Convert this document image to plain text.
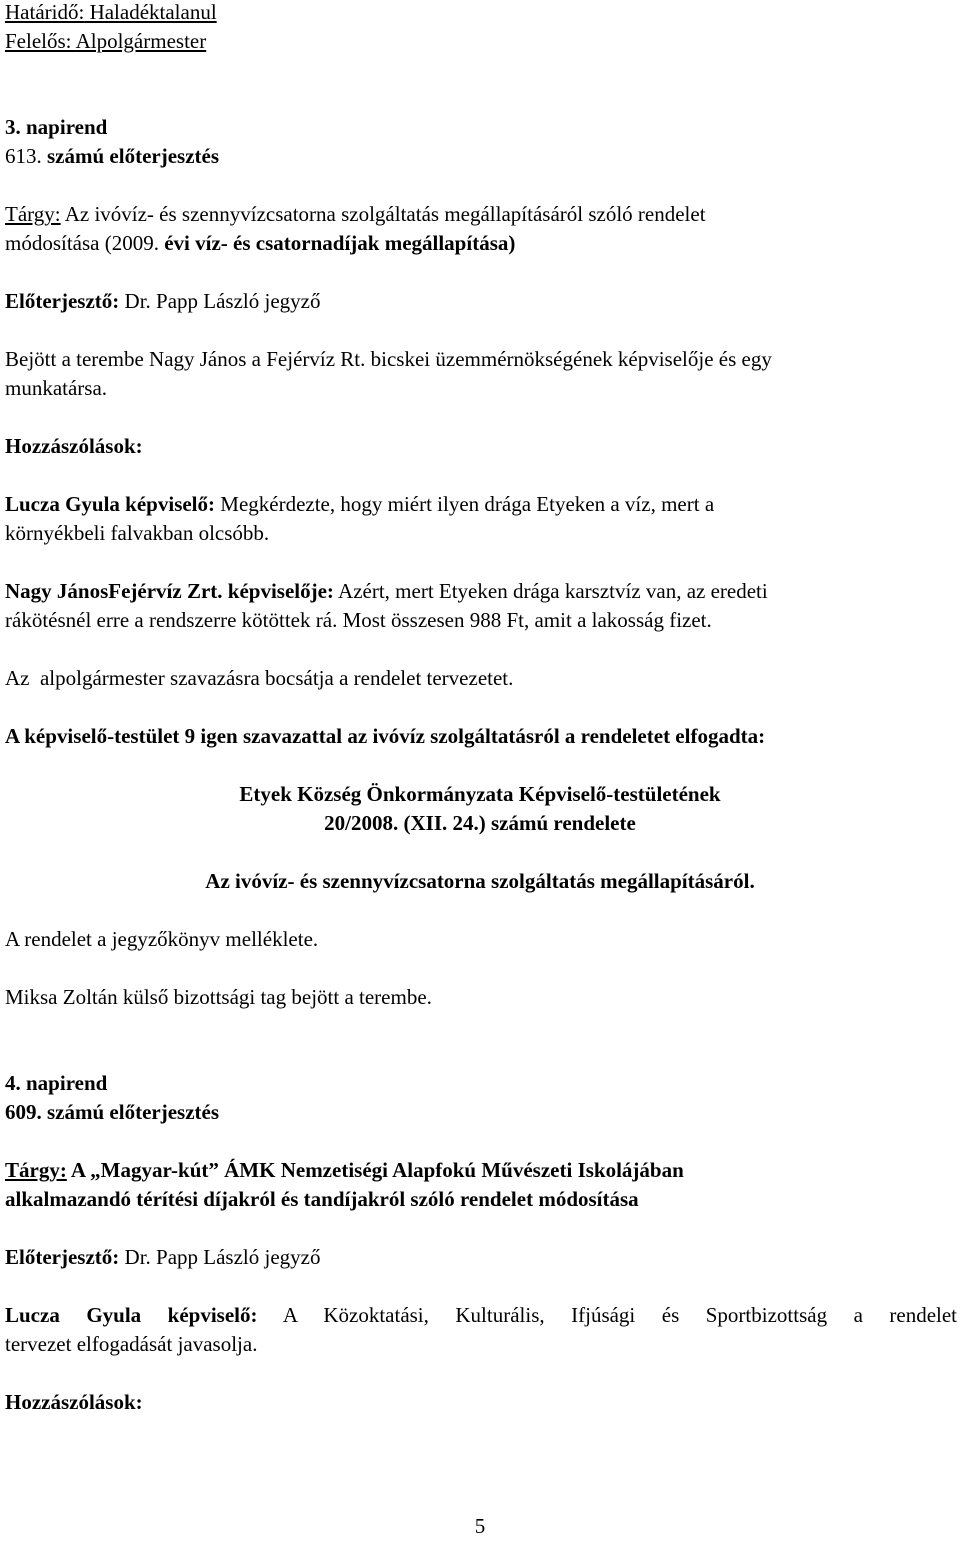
Határidő: Haladéktalanul
Felelős: Alpolgármester
3. napirend
613. számú előterjesztés
Tárgy: Az ivóvíz- és szennyvízcsatorna szolgáltatás megállapításáról szóló rendelet
módosítása (2009. évi víz- és csatornadíjak megállapítása)
Előterjesztő: Dr. Papp László jegyző
Bejött a terembe Nagy János a Fejérvíz Rt. bicskei üzemmérnökségének képviselője és egy
munkatársa.
Hozzászólások:
Lucza Gyula képviselő: Megkérdezte, hogy miért ilyen drága Etyeken a víz, mert a
környékbeli falvakban olcsóbb.
Nagy JánosFejérvíz Zrt. képviselője: Azért, mert Etyeken drága karsztvíz van, az eredeti
rákötésnél erre a rendszerre kötöttek rá. Most összesen 988 Ft, amit a lakosság fizet.
Az  alpolgármester szavazásra bocsátja a rendelet tervezetet.
A képviselő-testület 9 igen szavazattal az ivóvíz szolgáltatásról a rendeletet elfogadta:
Etyek Község Önkormányzata Képviselő-testületének
20/2008. (XII. 24.) számú rendelete
Az ivóvíz- és szennyvízcsatorna szolgáltatás megállapításáról.
A rendelet a jegyzőkönyv melléklete.
Miksa Zoltán külső bizottsági tag bejött a terembe.
4. napirend
609. számú előterjesztés
Tárgy: A „Magyar-kút” ÁMK Nemzetiségi Alapfokú Művészeti Iskolájában
alkalmazandó térítési díjakról és tandíjakról szóló rendelet módosítása
Előterjesztő: Dr. Papp László jegyző
Lucza Gyula képviselő: A Közoktatási, Kulturális, Ifjúsági és Sportbizottság a rendelet
tervezet elfogadását javasolja.
Hozzászólások:
5
